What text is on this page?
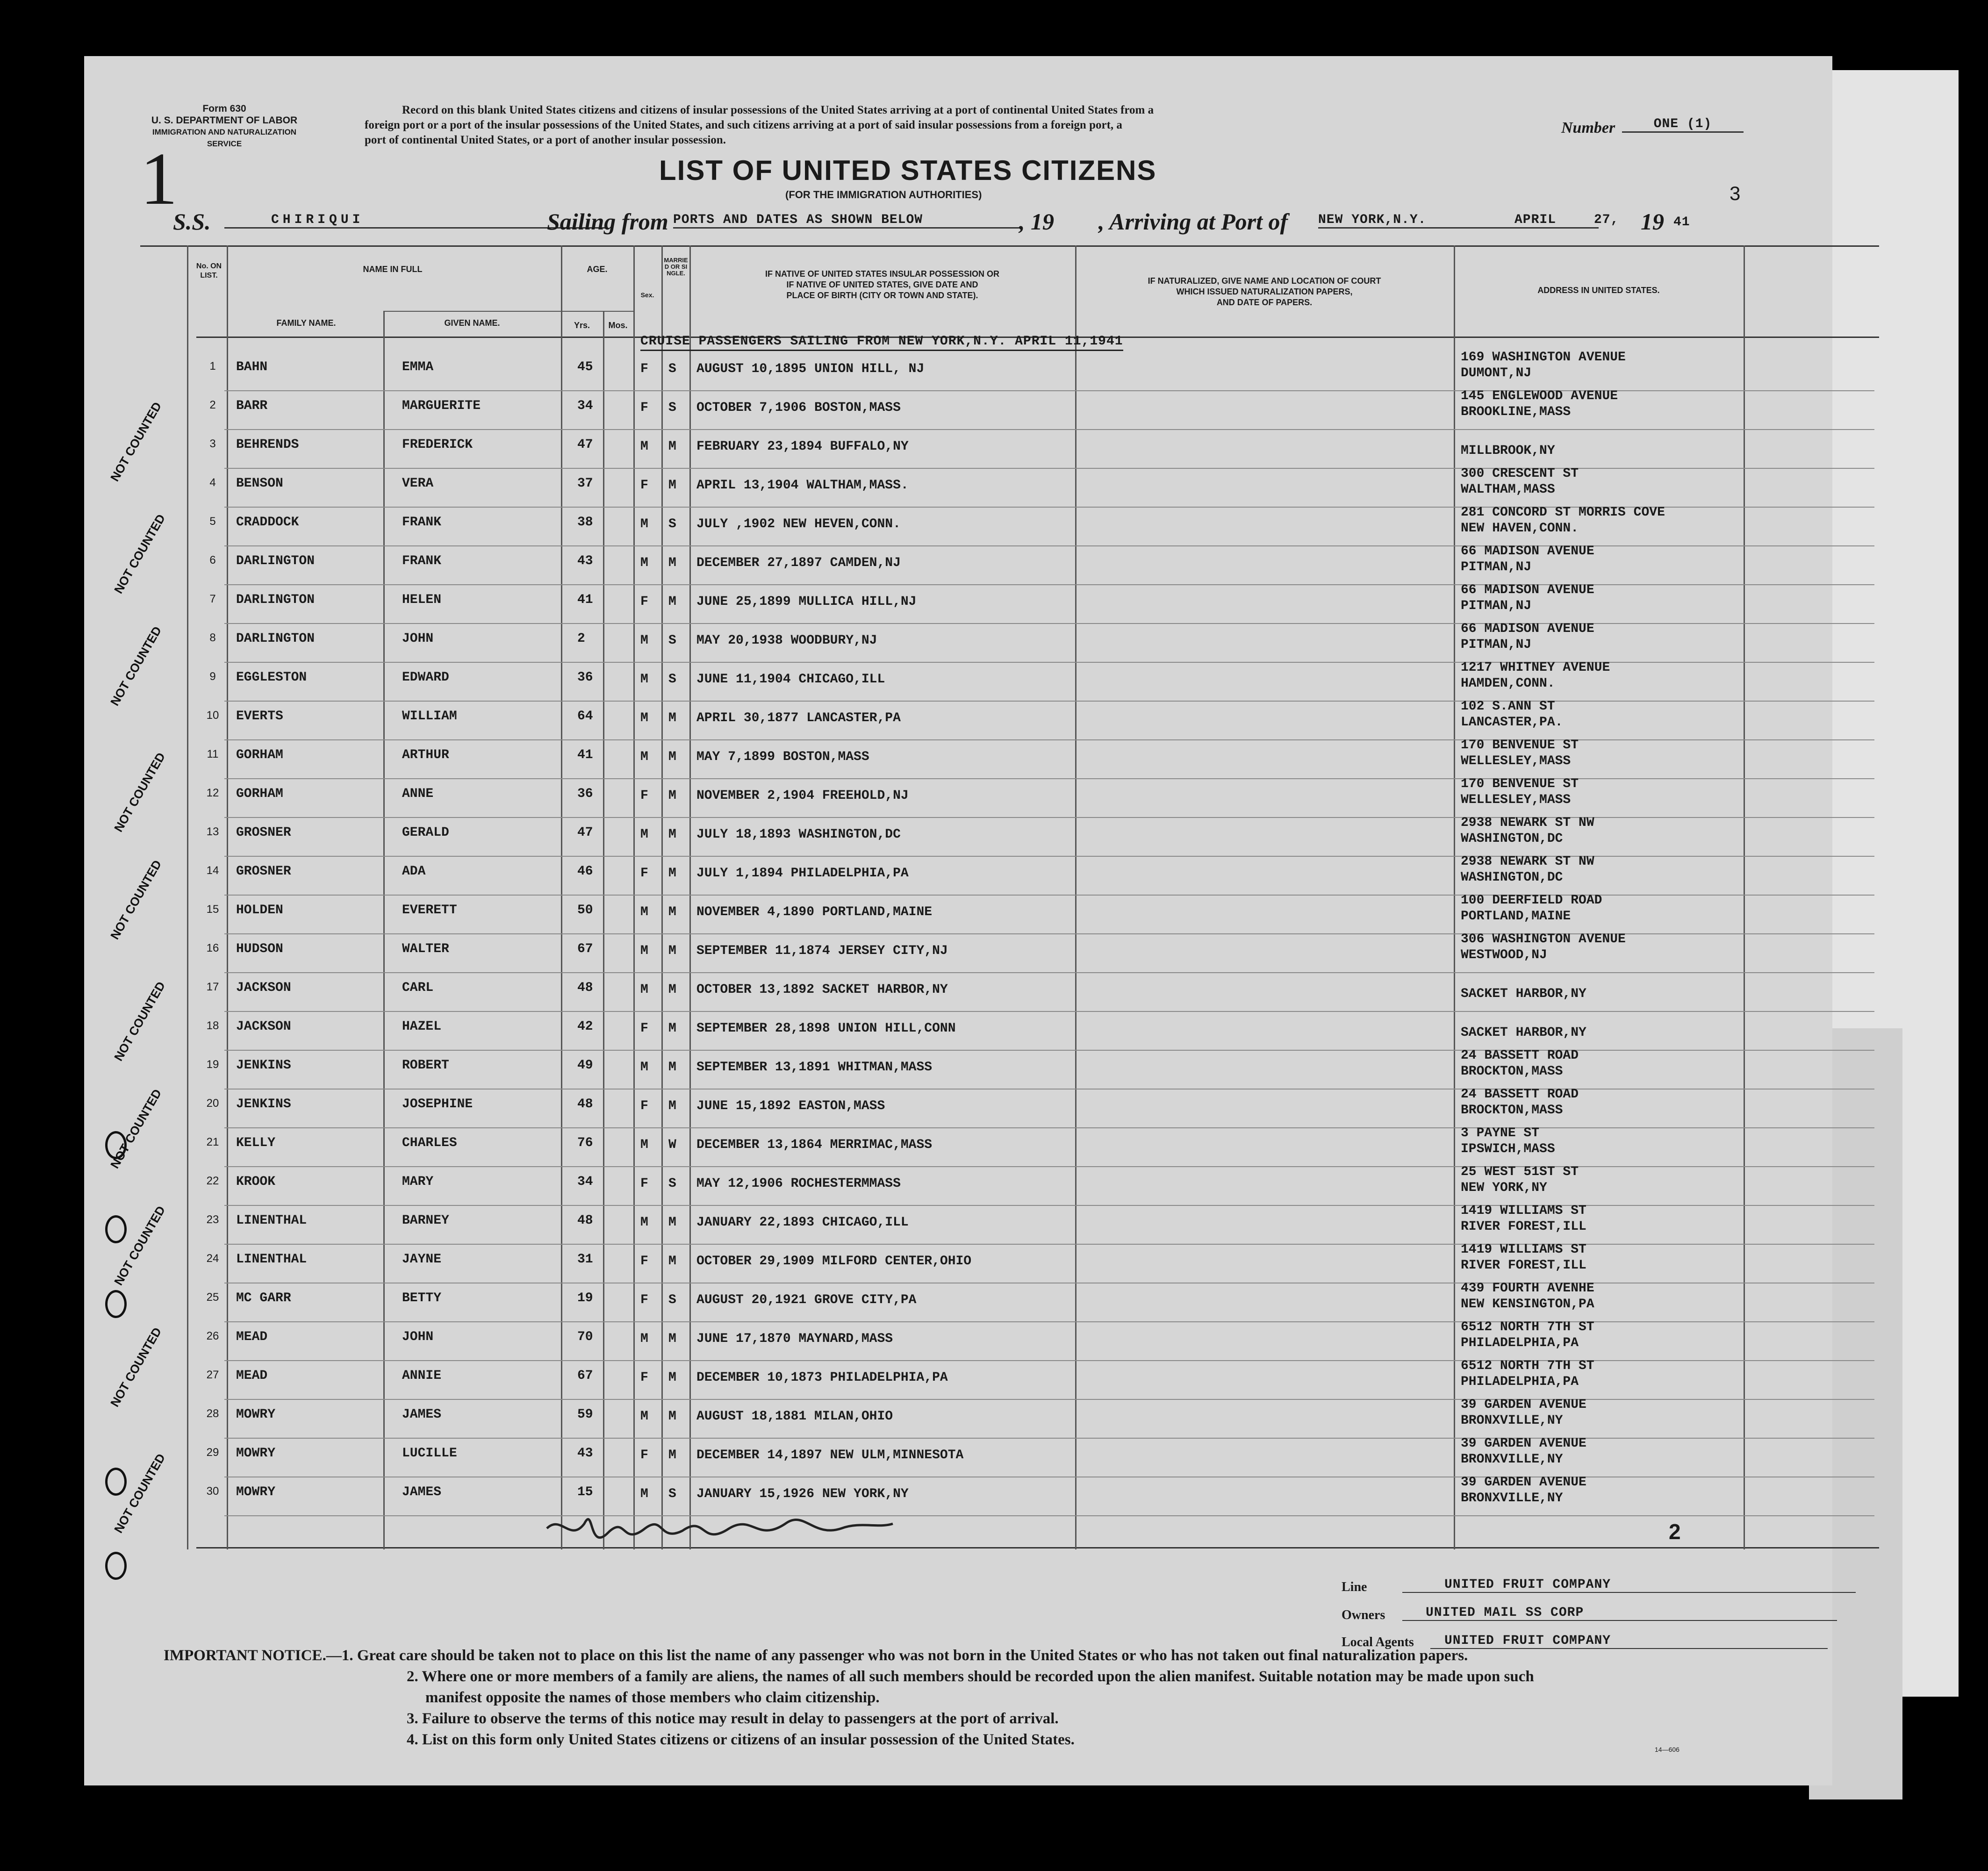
Form 630
U. S. DEPARTMENT OF LABOR
IMMIGRATION AND NATURALIZATION SERVICE
Record on this blank United States citizens and citizens of insular possessions of the United States arriving at a port of continental United States from a
foreign port or a port of the insular possessions of the United States, and such citizens arriving at a port of said insular possessions from a foreign port, a
port of continental United States, or a port of another insular possession.
Number	ONE (1)
1	LIST OF UNITED STATES CITIZENS
(FOR THE IMMIGRATION AUTHORITIES)	3
S.S.	CHIRIQUI	Sailing from PORTS AND DATES AS SHOWN BELOW	, 19 , Arriving at Port of NEW YORK,N.Y.	APRIL	27, 19 41
No. ON LIST.
NAME IN FULL
FAMILY NAME.	GIVEN NAME.
AGE.
Yrs.	Mos.
Sex.
MARRIED OR SINGLE.	IF NATIVE OF UNITED STATES INSULAR POSSESSION OR
IF NATIVE OF UNITED STATES, GIVE DATE AND
PLACE OF BIRTH (CITY OR TOWN AND STATE).
IF NATURALIZED, GIVE NAME AND LOCATION OF COURT
WHICH ISSUED NATURALIZATION PAPERS,
AND DATE OF PAPERS.
ADDRESS IN UNITED STATES.
CRUISE PASSENGERS SAILING FROM NEW YORK,N.Y. APRIL 11,1941
1	BAHN	EMMA	45	F S AUGUST 10,1895 UNION HILL, NJ
169 WASHINGTON AVENUE
DUMONT,NJ
2	BARR	MARGUERITE	34	F S OCTOBER 7,1906 BOSTON,MASS
145 ENGLEWOOD AVENUE
BROOKLINE,MASS
3	BEHRENDS	FREDERICK	47	M M FEBRUARY 23,1894 BUFFALO,NY	MILLBROOK,NY
4	BENSON	VERA	37	F M APRIL 13,1904 WALTHAM,MASS.
300 CRESCENT ST
WALTHAM,MASS
5	CRADDOCK	FRANK	38	M S JULY ,1902 NEW HEVEN,CONN.
281 CONCORD ST MORRIS COVE
NEW HAVEN,CONN.
6	DARLINGTON	FRANK	43	M M DECEMBER 27,1897 CAMDEN,NJ
66 MADISON AVENUE
PITMAN,NJ
7	DARLINGTON	HELEN	41	F M JUNE 25,1899 MULLICA HILL,NJ
66 MADISON AVENUE
PITMAN,NJ
8	DARLINGTON	JOHN	2	M S MAY 20,1938 WOODBURY,NJ
66 MADISON AVENUE
PITMAN,NJ
9	EGGLESTON	EDWARD	36	M S JUNE 11,1904 CHICAGO,ILL
1217 WHITNEY AVENUE
HAMDEN,CONN.
10	EVERTS	WILLIAM	64	M M APRIL 30,1877 LANCASTER,PA
102 S.ANN ST
LANCASTER,PA.
11	GORHAM	ARTHUR	41	M M MAY 7,1899 BOSTON,MASS
170 BENVENUE ST
WELLESLEY,MASS
12	GORHAM	ANNE	36	F M NOVEMBER 2,1904 FREEHOLD,NJ
170 BENVENUE ST
WELLESLEY,MASS
13	GROSNER	GERALD	47	M M JULY 18,1893 WASHINGTON,DC
2938 NEWARK ST NW
WASHINGTON,DC
14	GROSNER	ADA	46	F M JULY 1,1894 PHILADELPHIA,PA
2938 NEWARK ST NW
WASHINGTON,DC
15	HOLDEN	EVERETT	50	M M NOVEMBER 4,1890 PORTLAND,MAINE
100 DEERFIELD ROAD
PORTLAND,MAINE
16	HUDSON	WALTER	67	M M SEPTEMBER 11,1874 JERSEY CITY,NJ
306 WASHINGTON AVENUE
WESTWOOD,NJ
17	JACKSON	CARL	48	M M OCTOBER 13,1892 SACKET HARBOR,NY	SACKET HARBOR,NY
18	JACKSON	HAZEL	42	F M SEPTEMBER 28,1898 UNION HILL,CONN	SACKET HARBOR,NY
19	JENKINS	ROBERT	49	M M SEPTEMBER 13,1891 WHITMAN,MASS
24 BASSETT ROAD
BROCKTON,MASS
20	JENKINS	JOSEPHINE	48	F M JUNE 15,1892 EASTON,MASS
24 BASSETT ROAD
BROCKTON,MASS
21	KELLY	CHARLES	76	M W DECEMBER 13,1864 MERRIMAC,MASS
3 PAYNE ST
IPSWICH,MASS
22	KROOK	MARY	34	F S MAY 12,1906 ROCHESTERMMASS
25 WEST 51ST ST
NEW YORK,NY
23	LINENTHAL	BARNEY	48	M M JANUARY 22,1893 CHICAGO,ILL
1419 WILLIAMS ST
RIVER FOREST,ILL
24	LINENTHAL	JAYNE	31	F M OCTOBER 29,1909 MILFORD CENTER,OHIO
1419 WILLIAMS ST
RIVER FOREST,ILL
25	MC GARR	BETTY	19	F S AUGUST 20,1921 GROVE CITY,PA
439 FOURTH AVENHE
NEW KENSINGTON,PA
26	MEAD	JOHN	70	M M JUNE 17,1870 MAYNARD,MASS
6512 NORTH 7TH ST
PHILADELPHIA,PA
27	MEAD	ANNIE	67	F M DECEMBER 10,1873 PHILADELPHIA,PA
6512 NORTH 7TH ST
PHILADELPHIA,PA
28	MOWRY	JAMES	59	M M AUGUST 18,1881 MILAN,OHIO
39 GARDEN AVENUE
BRONXVILLE,NY
29	MOWRY	LUCILLE	43	F M DECEMBER 14,1897 NEW ULM,MINNESOTA
39 GARDEN AVENUE
BRONXVILLE,NY
30	MOWRY	JAMES	15	M S JANUARY 15,1926 NEW YORK,NY
39 GARDEN AVENUE
BRONXVILLE,NY
NOT COUNTED
NOT COUNTED
NOT COUNTED
NOT COUNTED
NOT COUNTED
NOT COUNTED
NOT COUNTED
NOT COUNTED
NOT COUNTED
NOT COUNTED	2
Line	UNITED FRUIT COMPANY
Owners	UNITED MAIL SS CORP
Local Agents	UNITED FRUIT COMPANY
IMPORTANT NOTICE.—1. Great care should be taken not to place on this list the name of any passenger who was not born in the United States or who has not taken out final naturalization papers.
2. Where one or more members of a family are aliens, the names of all such members should be recorded upon the alien manifest. Suitable notation may be made upon such
manifest opposite the names of those members who claim citizenship.
3. Failure to observe the terms of this notice may result in delay to passengers at the port of arrival.
4. List on this form only United States citizens or citizens of an insular possession of the United States.
14—606
